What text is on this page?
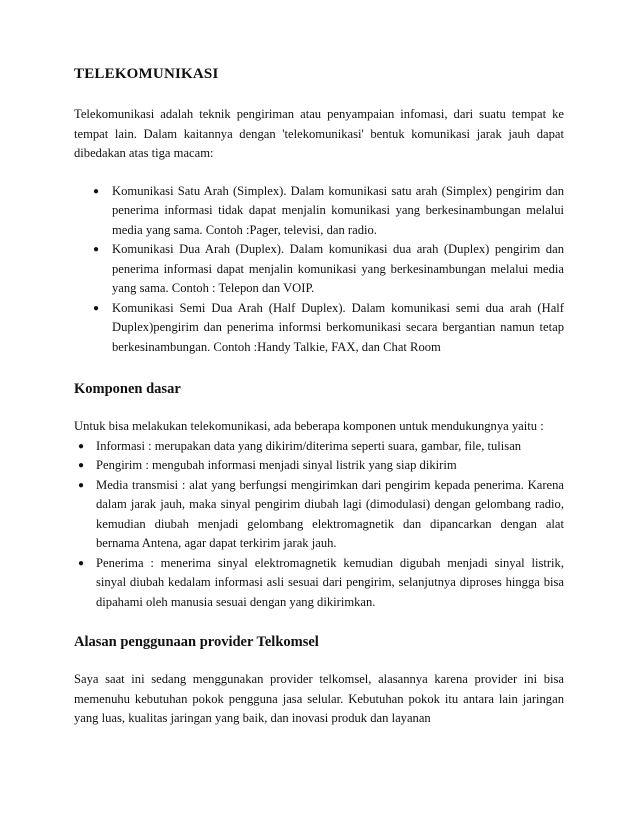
TELEKOMUNIKASI

Telekomunikasi adalah teknik pengiriman atau penyampaian infomasi, dari suatu tempat ke tempat lain. Dalam kaitannya dengan 'telekomunikasi' bentuk komunikasi jarak jauh dapat dibedakan atas tiga macam:

● Komunikasi Satu Arah (Simplex). Dalam komunikasi satu arah (Simplex) pengirim dan penerima informasi tidak dapat menjalin komunikasi yang berkesinambungan melalui media yang sama. Contoh :Pager, televisi, dan radio.
● Komunikasi Dua Arah (Duplex). Dalam komunikasi dua arah (Duplex) pengirim dan penerima informasi dapat menjalin komunikasi yang berkesinambungan melalui media yang sama. Contoh : Telepon dan VOIP.
● Komunikasi Semi Dua Arah (Half Duplex). Dalam komunikasi semi dua arah (Half Duplex)pengirim dan penerima informsi berkomunikasi secara bergantian namun tetap berkesinambungan. Contoh :Handy Talkie, FAX, dan Chat Room
Komponen dasar

Untuk bisa melakukan telekomunikasi, ada beberapa komponen untuk mendukungnya yaitu :

● Informasi : merupakan data yang dikirim/diterima seperti suara, gambar, file, tulisan
● Pengirim : mengubah informasi menjadi sinyal listrik yang siap dikirim
● Media transmisi : alat yang berfungsi mengirimkan dari pengirim kepada penerima. Karena dalam jarak jauh, maka sinyal pengirim diubah lagi (dimodulasi) dengan gelombang radio, kemudian diubah menjadi gelombang elektromagnetik dan dipancarkan dengan alat bernama Antena, agar dapat terkirim jarak jauh.
● Penerima : menerima sinyal elektromagnetik kemudian digubah menjadi sinyal listrik, sinyal diubah kedalam informasi asli sesuai dari pengirim, selanjutnya diproses hingga bisa dipahami oleh manusia sesuai dengan yang dikirimkan.
Alasan penggunaan provider Telkomsel

Saya saat ini sedang menggunakan provider telkomsel, alasannya karena provider ini bisa memenuhu kebutuhan pokok pengguna jasa selular. Kebutuhan pokok itu antara lain jaringan yang luas, kualitas jaringan yang baik, dan inovasi produk dan layanan
